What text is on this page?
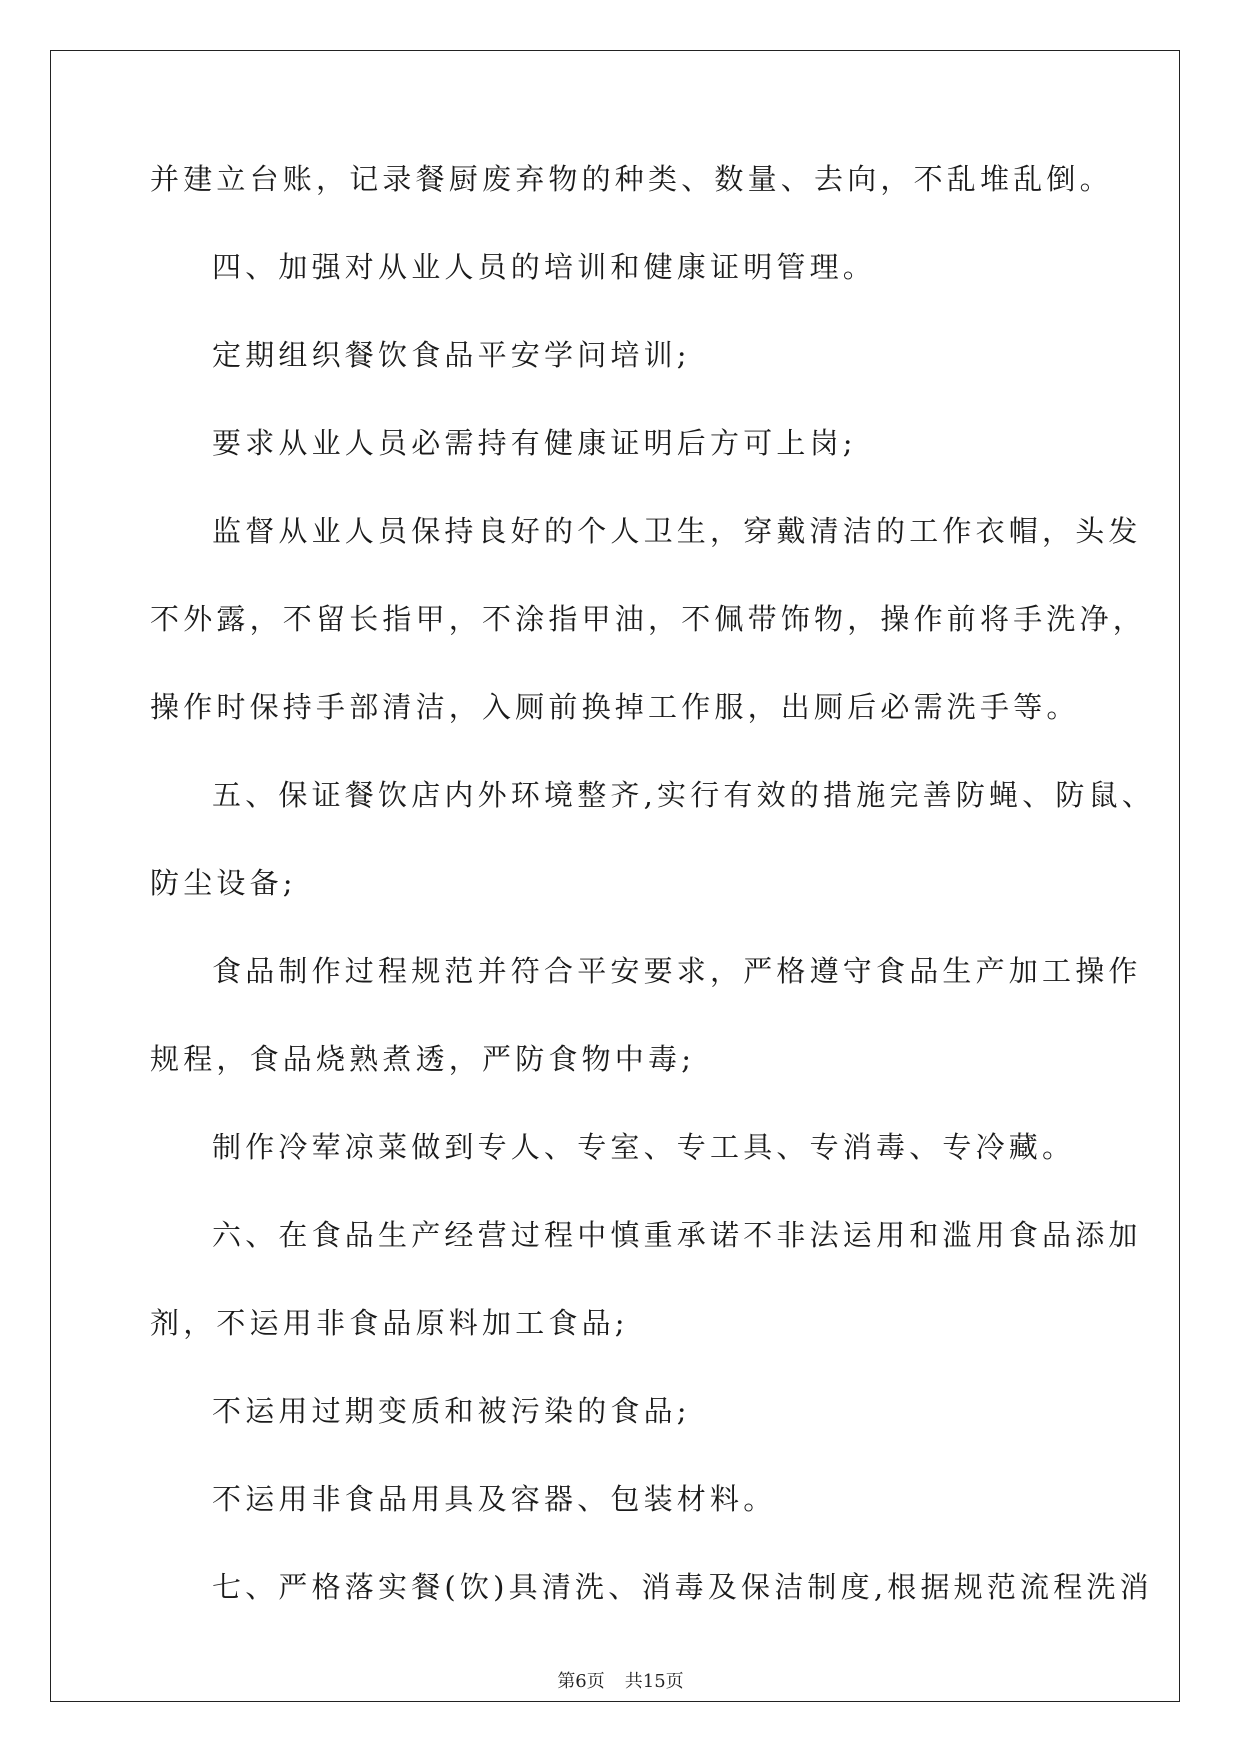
并建立台账，记录餐厨废弃物的种类、数量、去向，不乱堆乱倒。

四、加强对从业人员的培训和健康证明管理。

定期组织餐饮食品平安学问培训;

要求从业人员必需持有健康证明后方可上岗;

监督从业人员保持良好的个人卫生，穿戴清洁的工作衣帽，头发

不外露，不留长指甲，不涂指甲油，不佩带饰物，操作前将手洗净，

操作时保持手部清洁，入厕前换掉工作服，出厕后必需洗手等。

五、保证餐饮店内外环境整齐,实行有效的措施完善防蝇、防鼠、

防尘设备;

食品制作过程规范并符合平安要求，严格遵守食品生产加工操作

规程，食品烧熟煮透，严防食物中毒;

制作冷荤凉菜做到专人、专室、专工具、专消毒、专冷藏。

六、在食品生产经营过程中慎重承诺不非法运用和滥用食品添加

剂，不运用非食品原料加工食品;

不运用过期变质和被污染的食品;

不运用非食品用具及容器、包装材料。

七、严格落实餐(饮)具清洗、消毒及保洁制度,根据规范流程洗消

第6页 共15页
